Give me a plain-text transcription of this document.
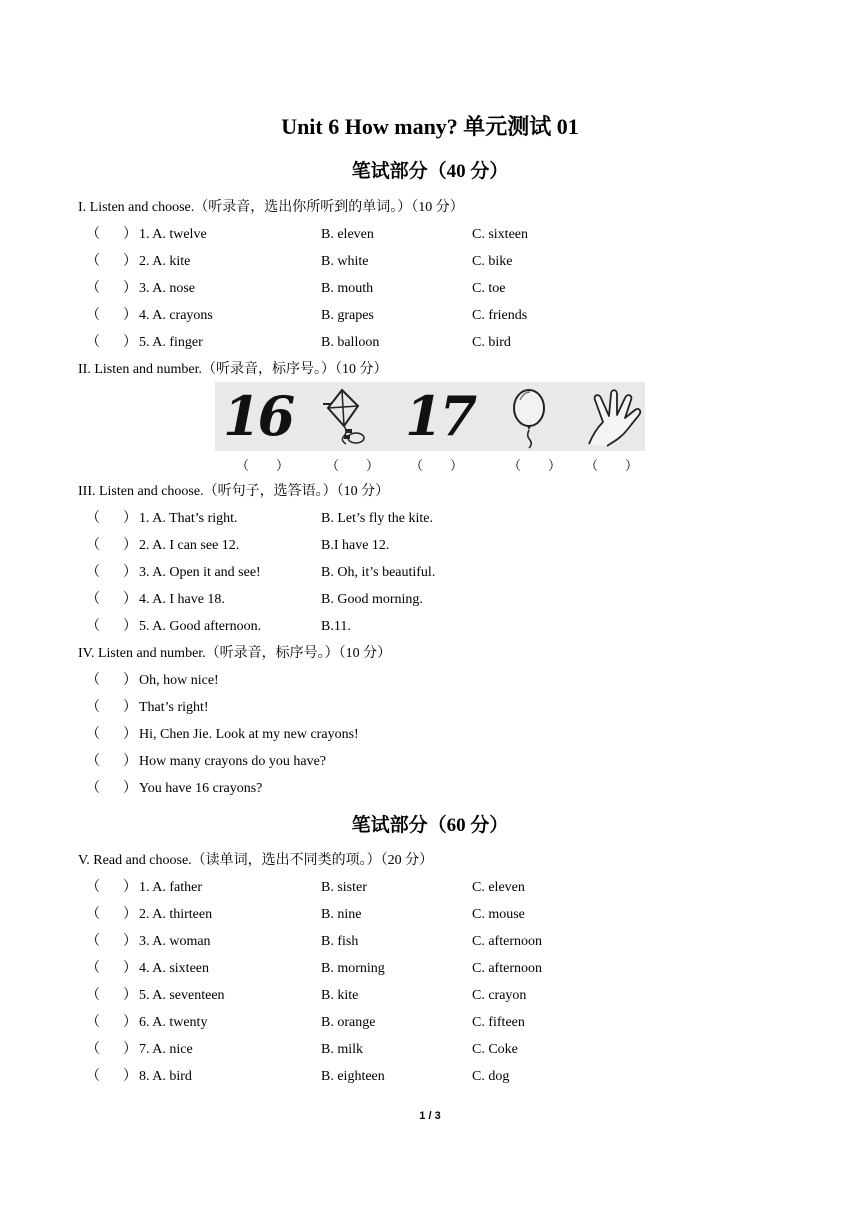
Unit 6 How many? 单元测试 01
笔试部分（40 分）
I. Listen and choose.（听录音，选出你所听到的单词。）（10 分）
（ ） 1. A. twelve	B. eleven	C. sixteen
（ ） 2. A. kite	B. white	C. bike
（ ） 3. A. nose	B. mouth	C. toe
（ ） 4. A. crayons	B. grapes	C. friends
（ ） 5. A. finger	B. balloon	C. bird
II. Listen and number.（听录音，标序号。）（10 分）
16 17
（ ）	（ ） （ ）	（ ） （ ）
III. Listen and choose.（听句子，选答语。）（10 分）
（ ） 1. A. That’s right.	B. Let’s fly the kite.
（ ） 2. A. I can see 12.	B.I have 12.
（ ） 3. A. Open it and see!	B. Oh, it’s beautiful.
（ ） 4. A. I have 18.	B. Good morning.
（ ） 5. A. Good afternoon.	B.11.
IV. Listen and number.（听录音，标序号。）（10 分）
（ ） Oh, how nice!
（ ） That’s right!
（ ） Hi, Chen Jie. Look at my new crayons!
（ ） How many crayons do you have?
（ ） You have 16 crayons?
笔试部分（60 分）
V. Read and choose.（读单词，选出不同类的项。）（20 分）
（ ） 1. A. father	B. sister	C. eleven
（ ） 2. A. thirteen	B. nine	C. mouse
（ ） 3. A. woman	B. fish	C. afternoon
（ ） 4. A. sixteen	B. morning	C. afternoon
（ ） 5. A. seventeen	B. kite	C. crayon
（ ） 6. A. twenty	B. orange	C. fifteen
（ ） 7. A. nice	B. milk	C. Coke
（ ） 8. A. bird	B. eighteen	C. dog
1 / 3
